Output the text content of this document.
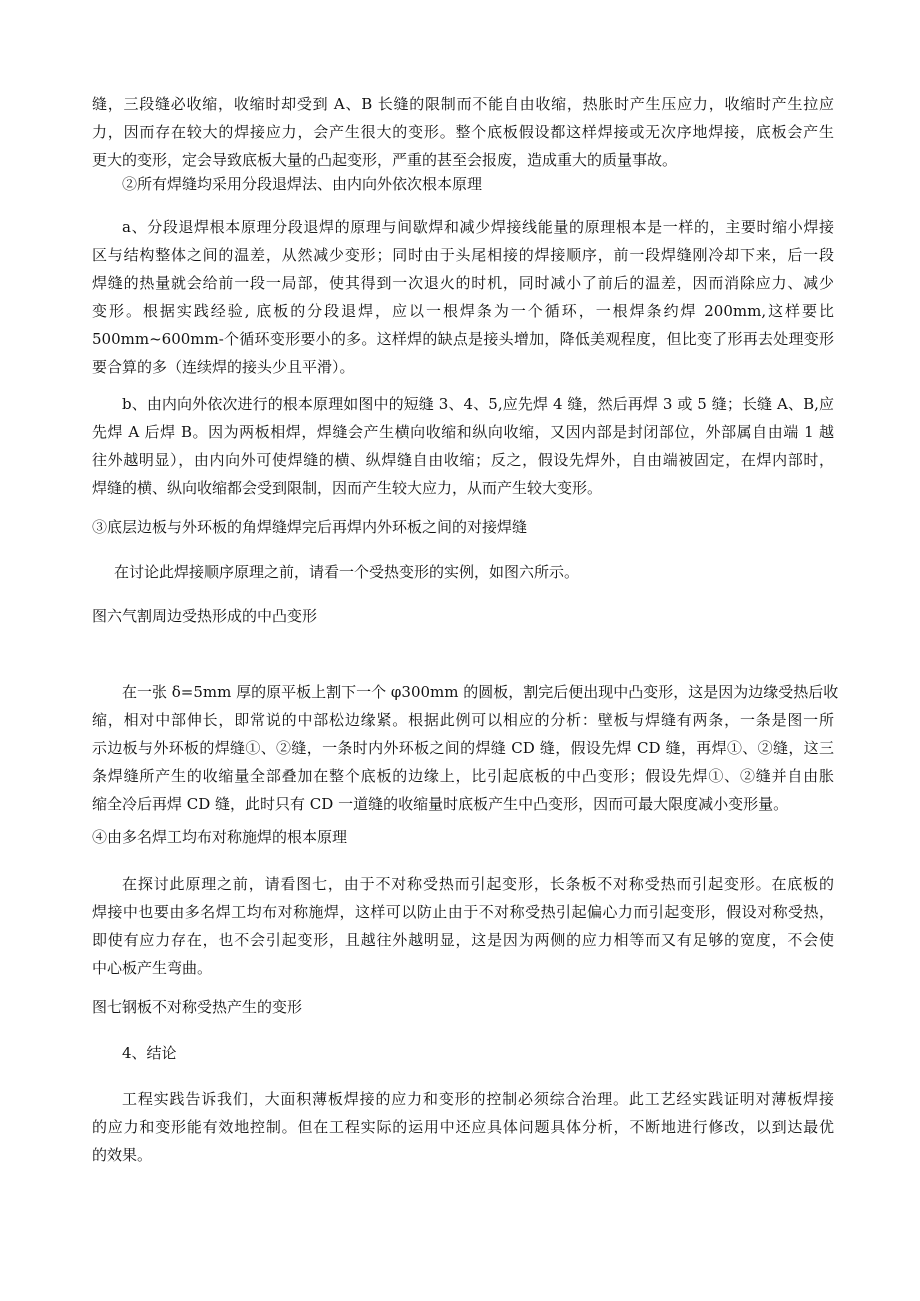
缝，三段缝必收缩，收缩时却受到 A、B 长缝的限制而不能自由收缩，热胀时产生压应力，收缩时产生拉应
力，因而存在较大的焊接应力，会产生很大的变形。整个底板假设都这样焊接或无次序地焊接，底板会产生
更大的变形，定会导致底板大量的凸起变形，严重的甚至会报废，造成重大的质量事故。
②所有焊缝均采用分段退焊法、由内向外依次根本原理
a、分段退焊根本原理分段退焊的原理与间歇焊和减少焊接线能量的原理根本是一样的，主要时缩小焊接
区与结构整体之间的温差，从然减少变形；同时由于头尾相接的焊接顺序，前一段焊缝刚冷却下来，后一段
焊缝的热量就会给前一段一局部，使其得到一次退火的时机，同时减小了前后的温差，因而消除应力、减少
变形。根据实践经验, 底板的分段退焊，应以一根焊条为一个循环，一根焊条约焊 200mm,这样要比
500mm~600mm-个循环变形要小的多。这样焊的缺点是接头增加，降低美观程度，但比变了形再去处理变形
要合算的多（连续焊的接头少且平滑）。
b、由内向外依次进行的根本原理如图中的短缝 3、4、5,应先焊 4 缝，然后再焊 3 或 5 缝；长缝 A、B,应
先焊 A 后焊 B。因为两板相焊，焊缝会产生横向收缩和纵向收缩，又因内部是封闭部位，外部属自由端 1 越
往外越明显），由内向外可使焊缝的横、纵焊缝自由收缩；反之，假设先焊外，自由端被固定，在焊内部时，
焊缝的横、纵向收缩都会受到限制，因而产生较大应力，从而产生较大变形。
③底层边板与外环板的角焊缝焊完后再焊内外环板之间的对接焊缝
在讨论此焊接顺序原理之前，请看一个受热变形的实例，如图六所示。
图六气割周边受热形成的中凸变形
在一张 δ=5mm 厚的原平板上割下一个 φ300mm 的圆板，割完后便出现中凸变形，这是因为边缘受热后收
缩，相对中部伸长，即常说的中部松边缘紧。根据此例可以相应的分析：壁板与焊缝有两条，一条是图一所
示边板与外环板的焊缝①、②缝，一条时内外环板之间的焊缝 CD 缝，假设先焊 CD 缝，再焊①、②缝，这三
条焊缝所产生的收缩量全部叠加在整个底板的边缘上，比引起底板的中凸变形；假设先焊①、②缝并自由胀
缩全冷后再焊 CD 缝，此时只有 CD 一道缝的收缩量时底板产生中凸变形，因而可最大限度减小变形量。
④由多名焊工均布对称施焊的根本原理
在探讨此原理之前，请看图七，由于不对称受热而引起变形，长条板不对称受热而引起变形。在底板的
焊接中也要由多名焊工均布对称施焊，这样可以防止由于不对称受热引起偏心力而引起变形，假设对称受热，
即使有应力存在，也不会引起变形，且越往外越明显，这是因为两侧的应力相等而又有足够的宽度，不会使
中心板产生弯曲。
图七钢板不对称受热产生的变形
4、结论
工程实践告诉我们，大面积薄板焊接的应力和变形的控制必须综合治理。此工艺经实践证明对薄板焊接
的应力和变形能有效地控制。但在工程实际的运用中还应具体问题具体分析，不断地进行修改，以到达最优
的效果。
